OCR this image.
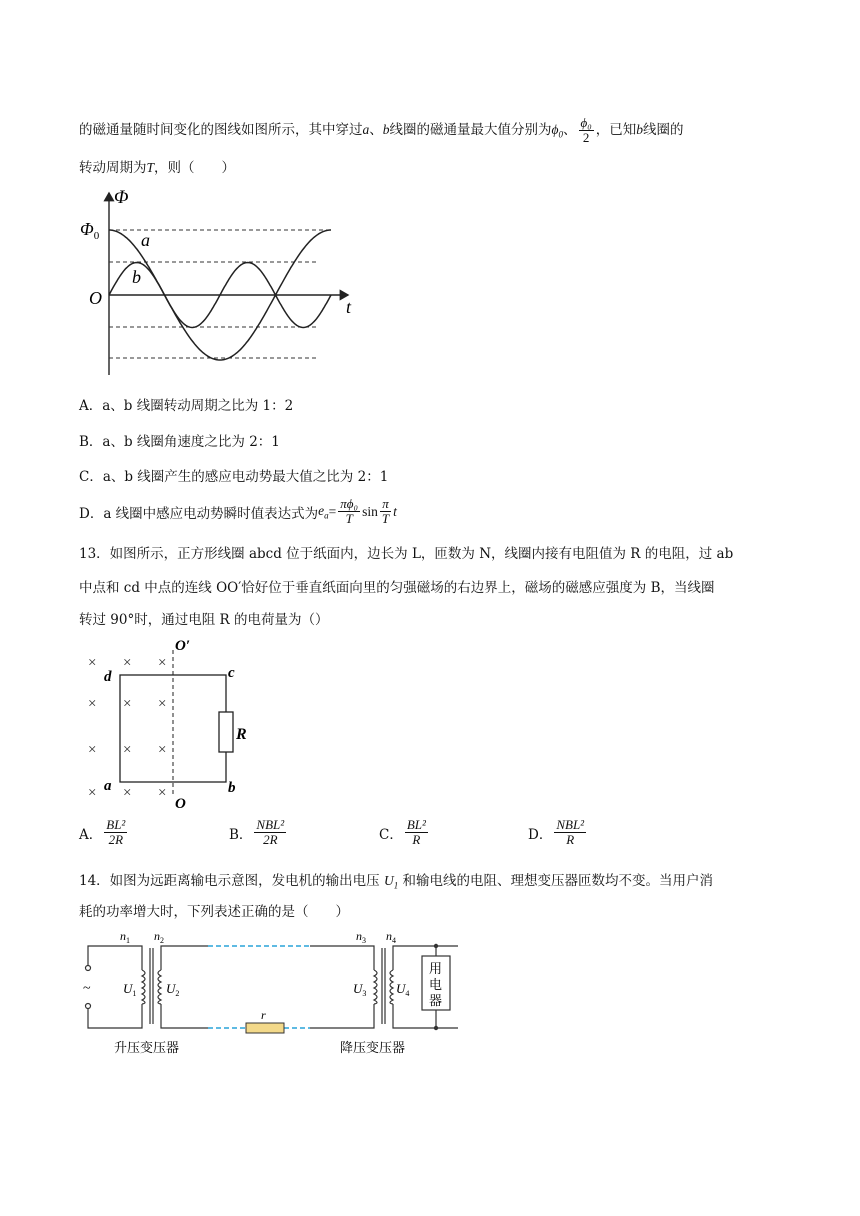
的磁通量随时间变化的图线如图所示，其中穿过a、b线圈的磁通量最大值分别为$\phi_0$、 $\frac{\text{ϕ₀}}{2}$ ，已知b线圈的
转动周期为T，则（　　）
Φ
$\Phi_0$ a
b
O	t
A．a、b 线圈转动周期之比为 1：2
B．a、b 线圈角速度之比为 2：1
C．a、b 线圈产生的感应电动势最大值之比为 2：1
D． a 线圈中感应电动势瞬时值表达式为 $e_a = \frac{\text{πϕ₀}}{T}$ $\sin \frac{\pi}{T}$ t
13．如图所示，正方形线圈 abcd 位于纸面内，边长为 L，匝数为 N，线圈内接有电阻值为 R 的电阻，过 ab
中点和 cd 中点的连线 OO′恰好位于垂直纸面向里的匀强磁场的右边界上，磁场的磁感应强度为 B，当线圈
转过 90°时，通过电阻 R 的电荷量为（）
× × ×
× × ×
× × ×
× × ×
O′
O
d	c
a	b
R
A． $\frac{\text{BL²}}{2R}$	B． $\frac{\text{NBL²}}{2R}$	C． $\frac{\text{BL²}}{R}$	D． $\frac{\text{NBL²}}{R}$
14．如图为远距离输电示意图，发电机的输出电压 $U_1$ 和输电线的电阻、理想变压器匝数均不变。当用户消
耗的功率增大时，下列表述正确的是（　　）
$n_1$ $n_2$	$n_3$ $n_4$
$U_1$ $U_2$	$U_3$ $U_4$
~
r
用
电
器
升压变压器	降压变压器
